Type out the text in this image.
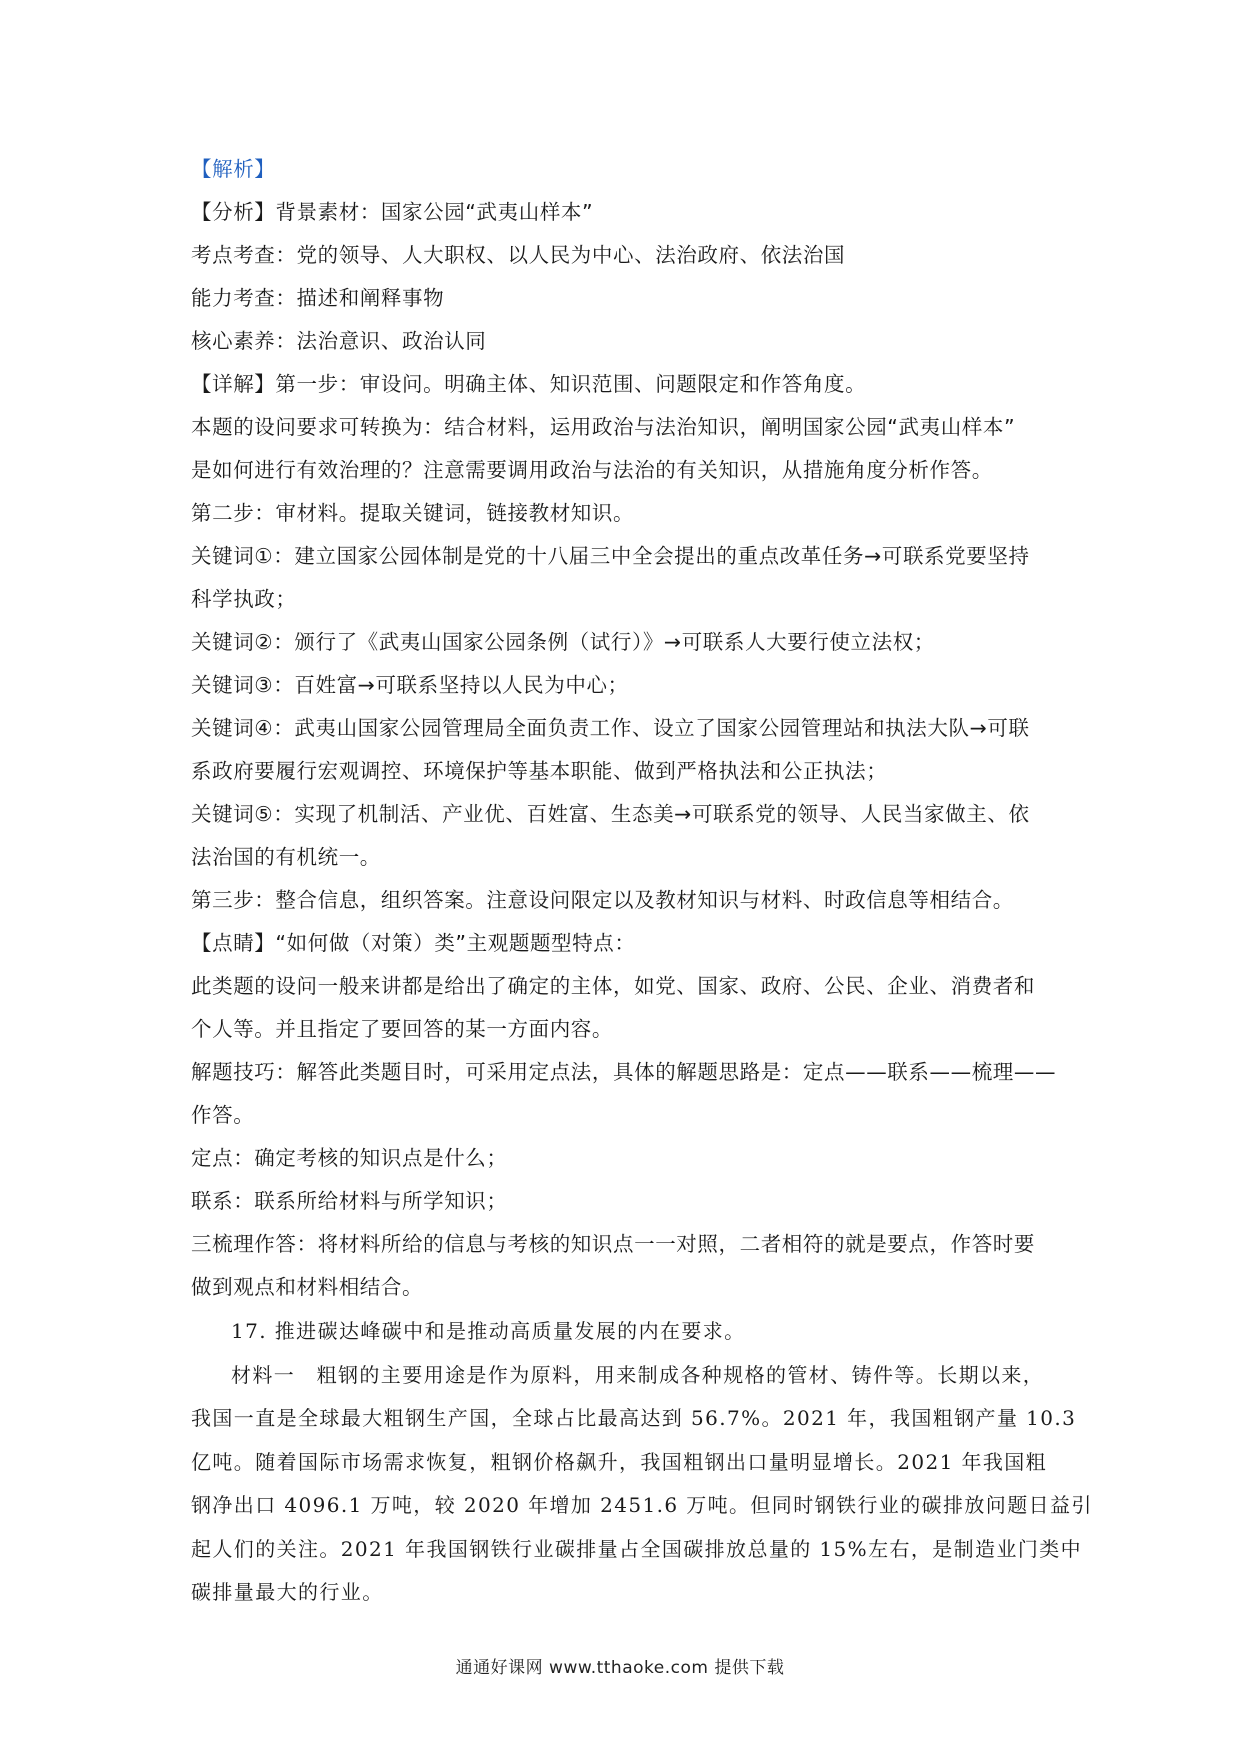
【解析】
【分析】背景素材：国家公园“武夷山样本”
考点考查：党的领导、人大职权、以人民为中心、法治政府、依法治国
能力考查：描述和阐释事物
核心素养：法治意识、政治认同
【详解】第一步：审设问。明确主体、知识范围、问题限定和作答角度。
本题的设问要求可转换为：结合材料，运用政治与法治知识，阐明国家公园“武夷山样本”
是如何进行有效治理的？注意需要调用政治与法治的有关知识，从措施角度分析作答。
第二步：审材料。提取关键词，链接教材知识。
关键词①：建立国家公园体制是党的十八届三中全会提出的重点改革任务→可联系党要坚持
科学执政；
关键词②：颁行了《武夷山国家公园条例（试行）》→可联系人大要行使立法权；
关键词③：百姓富→可联系坚持以人民为中心；
关键词④：武夷山国家公园管理局全面负责工作、设立了国家公园管理站和执法大队→可联
系政府要履行宏观调控、环境保护等基本职能、做到严格执法和公正执法；
关键词⑤：实现了机制活、产业优、百姓富、生态美→可联系党的领导、人民当家做主、依
法治国的有机统一。
第三步：整合信息，组织答案。注意设问限定以及教材知识与材料、时政信息等相结合。
【点睛】“如何做（对策）类”主观题题型特点：
此类题的设问一般来讲都是给出了确定的主体，如党、国家、政府、公民、企业、消费者和
个人等。并且指定了要回答的某一方面内容。
解题技巧：解答此类题目时，可采用定点法，具体的解题思路是：定点——联系——梳理——
作答。
定点：确定考核的知识点是什么；
联系：联系所给材料与所学知识；
三梳理作答：将材料所给的信息与考核的知识点一一对照，二者相符的就是要点，作答时要
做到观点和材料相结合。
17. 推进碳达峰碳中和是推动高质量发展的内在要求。
材料一　粗钢的主要用途是作为原料，用来制成各种规格的管材、铸件等。长期以来，
我国一直是全球最大粗钢生产国，全球占比最高达到 56.7%。2021 年，我国粗钢产量 10.3
亿吨。随着国际市场需求恢复，粗钢价格飙升，我国粗钢出口量明显增长。2021 年我国粗
钢净出口 4096.1 万吨，较 2020 年增加 2451.6 万吨。但同时钢铁行业的碳排放问题日益引
起人们的关注。2021 年我国钢铁行业碳排量占全国碳排放总量的 15%左右，是制造业门类中
碳排量最大的行业。
通通好课网 www.tthaoke.com 提供下载
